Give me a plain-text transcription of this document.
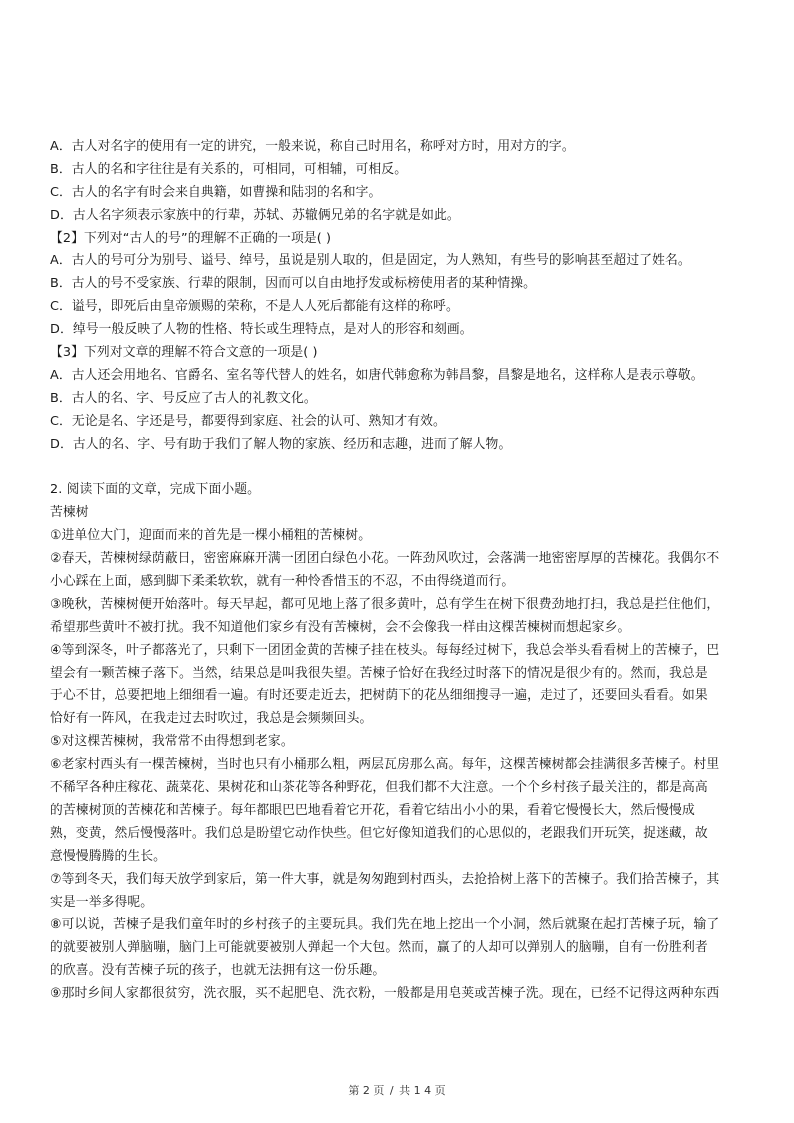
A．古人对名字的使用有一定的讲究，一般来说，称自己时用名，称呼对方时，用对方的字。
B．古人的名和字往往是有关系的，可相同，可相辅，可相反。
C．古人的名字有时会来自典籍，如曹操和陆羽的名和字。
D．古人名字须表示家族中的行辈，苏轼、苏辙俩兄弟的名字就是如此。
【2】下列对“古人的号”的理解不正确的一项是( )
A．古人的号可分为别号、谥号、绰号，虽说是别人取的，但是固定，为人熟知，有些号的影响甚至超过了姓名。
B．古人的号不受家族、行辈的限制，因而可以自由地抒发或标榜使用者的某种情操。
C．谥号，即死后由皇帝颁赐的荣称，不是人人死后都能有这样的称呼。
D．绰号一般反映了人物的性格、特长或生理特点，是对人的形容和刻画。
【3】下列对文章的理解不符合文意的一项是( )
A．古人还会用地名、官爵名、室名等代替人的姓名，如唐代韩愈称为韩昌黎，昌黎是地名，这样称人是表示尊敬。
B．古人的名、字、号反应了古人的礼教文化。
C．无论是名、字还是号，都要得到家庭、社会的认可、熟知才有效。
D．古人的名、字、号有助于我们了解人物的家族、经历和志趣，进而了解人物。
2. 阅读下面的文章，完成下面小题。
苦楝树
①进单位大门，迎面而来的首先是一棵小桶粗的苦楝树。
②春天，苦楝树绿荫蔽日，密密麻麻开满一团团白绿色小花。一阵劲风吹过，会落满一地密密厚厚的苦楝花。我偶尔不
小心踩在上面，感到脚下柔柔软软，就有一种怜香惜玉的不忍，不由得绕道而行。
③晚秋，苦楝树便开始落叶。每天早起，都可见地上落了很多黄叶，总有学生在树下很费劲地打扫，我总是拦住他们，
希望那些黄叶不被打扰。我不知道他们家乡有没有苦楝树，会不会像我一样由这棵苦楝树而想起家乡。
④等到深冬，叶子都落光了，只剩下一团团金黄的苦楝子挂在枝头。每每经过树下，我总会举头看看树上的苦楝子，巴
望会有一颗苦楝子落下。当然，结果总是叫我很失望。苦楝子恰好在我经过时落下的情况是很少有的。然而，我总是
于心不甘，总要把地上细细看一遍。有时还要走近去，把树荫下的花丛细细搜寻一遍，走过了，还要回头看看。如果
恰好有一阵风，在我走过去时吹过，我总是会频频回头。
⑤对这棵苦楝树，我常常不由得想到老家。
⑥老家村西头有一棵苦楝树，当时也只有小桶那么粗，两层瓦房那么高。每年，这棵苦楝树都会挂满很多苦楝子。村里
不稀罕各种庄稼花、蔬菜花、果树花和山茶花等各种野花，但我们都不大注意。一个个乡村孩子最关注的，都是高高
的苦楝树顶的苦楝花和苦楝子。每年都眼巴巴地看着它开花，看着它结出小小的果，看着它慢慢长大，然后慢慢成
熟，变黄，然后慢慢落叶。我们总是盼望它动作快些。但它好像知道我们的心思似的，老跟我们开玩笑，捉迷藏，故
意慢慢腾腾的生长。
⑦等到冬天，我们每天放学到家后，第一件大事，就是匆匆跑到村西头，去抢拾树上落下的苦楝子。我们拾苦楝子，其
实是一举多得呢。
⑧可以说，苦楝子是我们童年时的乡村孩子的主要玩具。我们先在地上挖出一个小洞，然后就聚在起打苦楝子玩，输了
的就要被别人弹脑嘣，脑门上可能就要被别人弹起一个大包。然而，赢了的人却可以弹别人的脑嘣，自有一份胜利者
的欣喜。没有苦楝子玩的孩子，也就无法拥有这一份乐趣。
⑨那时乡间人家都很贫穷，洗衣服，买不起肥皂、洗衣粉，一般都是用皂荚或苦楝子洗。现在，已经不记得这两种东西
第 2 页 / 共 1 4 页
